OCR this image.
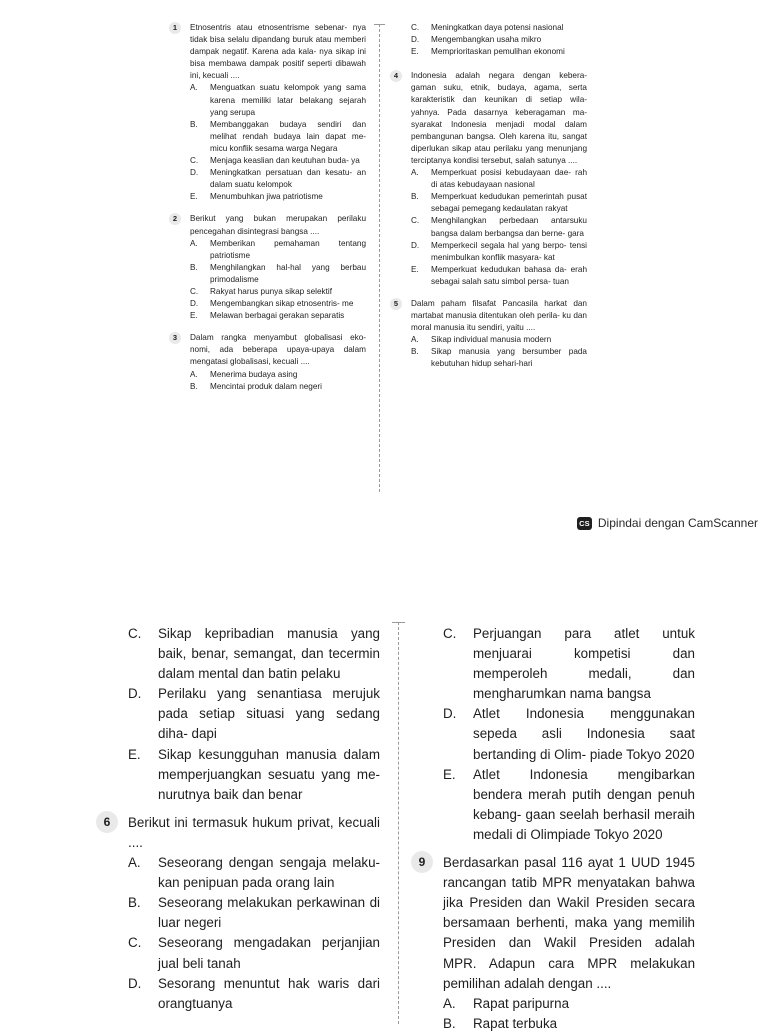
1	Etnosentris atau etnosentrisme sebenar- nya tidak bisa selalu dipandang buruk atau memberi dampak negatif. Karena ada kala- nya sikap ini bisa membawa dampak positif seperti dibawah ini, kecuali ....
A. Menguatkan suatu kelompok yang sama karena memiliki latar belakang sejarah yang serupa
B. Membanggakan budaya sendiri dan melihat rendah budaya lain dapat me- micu konflik sesama warga Negara
C. Menjaga keaslian dan keutuhan buda- ya
D. Meningkatkan persatuan dan kesatu- an dalam suatu kelompok
E. Menumbuhkan jiwa patriotisme
2	Berikut yang bukan merupakan perilaku pencegahan disintegrasi bangsa ....
A. Memberikan pemahaman tentang patriotisme
B. Menghilangkan hal-hal yang berbau primodalisme
C. Rakyat harus punya sikap selektif
D. Mengembangkan sikap etnosentris- me
E. Melawan berbagai gerakan separatis
3	Dalam rangka menyambut globalisasi eko- nomi, ada beberapa upaya-upaya dalam mengatasi globalisasi, kecuali ....
A. Menerima budaya asing
B. Mencintai produk dalam negeri
C. Meningkatkan daya potensi nasional
D. Mengembangkan usaha mikro
E. Memprioritaskan pemulihan ekonomi
4	Indonesia adalah negara dengan kebera- gaman suku, etnik, budaya, agama, serta karakteristik dan keunikan di setiap wila- yahnya. Pada dasarnya keberagaman ma- syarakat Indonesia menjadi modal dalam pembangunan bangsa. Oleh karena itu, sangat diperlukan sikap atau perilaku yang menunjang terciptanya kondisi tersebut, salah satunya ....
A. Memperkuat posisi kebudayaan dae- rah di atas kebudayaan nasional
B. Memperkuat kedudukan pemerintah pusat sebagai pemegang kedaulatan rakyat
C. Menghilangkan perbedaan antarsuku bangsa dalam berbangsa dan berne- gara
D. Memperkecil segala hal yang berpo- tensi menimbulkan konflik masyara- kat
E. Memperkuat kedudukan bahasa da- erah sebagai salah satu simbol persa- tuan
5	Dalam paham filsafat Pancasila harkat dan martabat manusia ditentukan oleh perila- ku dan moral manusia itu sendiri, yaitu ....
A. Sikap individual manusia modern
B. Sikap manusia yang bersumber pada kebutuhan hidup sehari-hari
CS Dipindai dengan CamScanner
C. Sikap kepribadian manusia yang baik, benar, semangat, dan tecermin dalam mental dan batin pelaku
D. Perilaku yang senantiasa merujuk pada setiap situasi yang sedang diha- dapi
E. Sikap kesungguhan manusia dalam memperjuangkan sesuatu yang me- nurutnya baik dan benar
6	Berikut ini termasuk hukum privat, kecuali ....
A. Seseorang dengan sengaja melaku- kan penipuan pada orang lain
B. Seseorang melakukan perkawinan di luar negeri
C. Seseorang mengadakan perjanjian jual beli tanah
D. Sesorang menuntut hak waris dari orangtuanya
C. Perjuangan para atlet untuk menjuarai	kompetisi dan memperoleh medali,	dan mengharumkan nama bangsa
D. Atlet Indonesia menggunakan sepeda asli Indonesia saat bertanding di Olim- piade Tokyo 2020
E. Atlet Indonesia mengibarkan bendera merah putih dengan penuh kebang- gaan seelah berhasil meraih medali di Olimpiade Tokyo 2020
9	Berdasarkan pasal 116 ayat 1 UUD 1945 rancangan tatib MPR menyatakan bahwa jika Presiden dan Wakil Presiden secara bersamaan berhenti, maka yang memilih Presiden dan Wakil Presiden adalah MPR. Adapun cara MPR melakukan pemilihan adalah dengan ....
A. Rapat paripurna
B. Rapat terbuka
